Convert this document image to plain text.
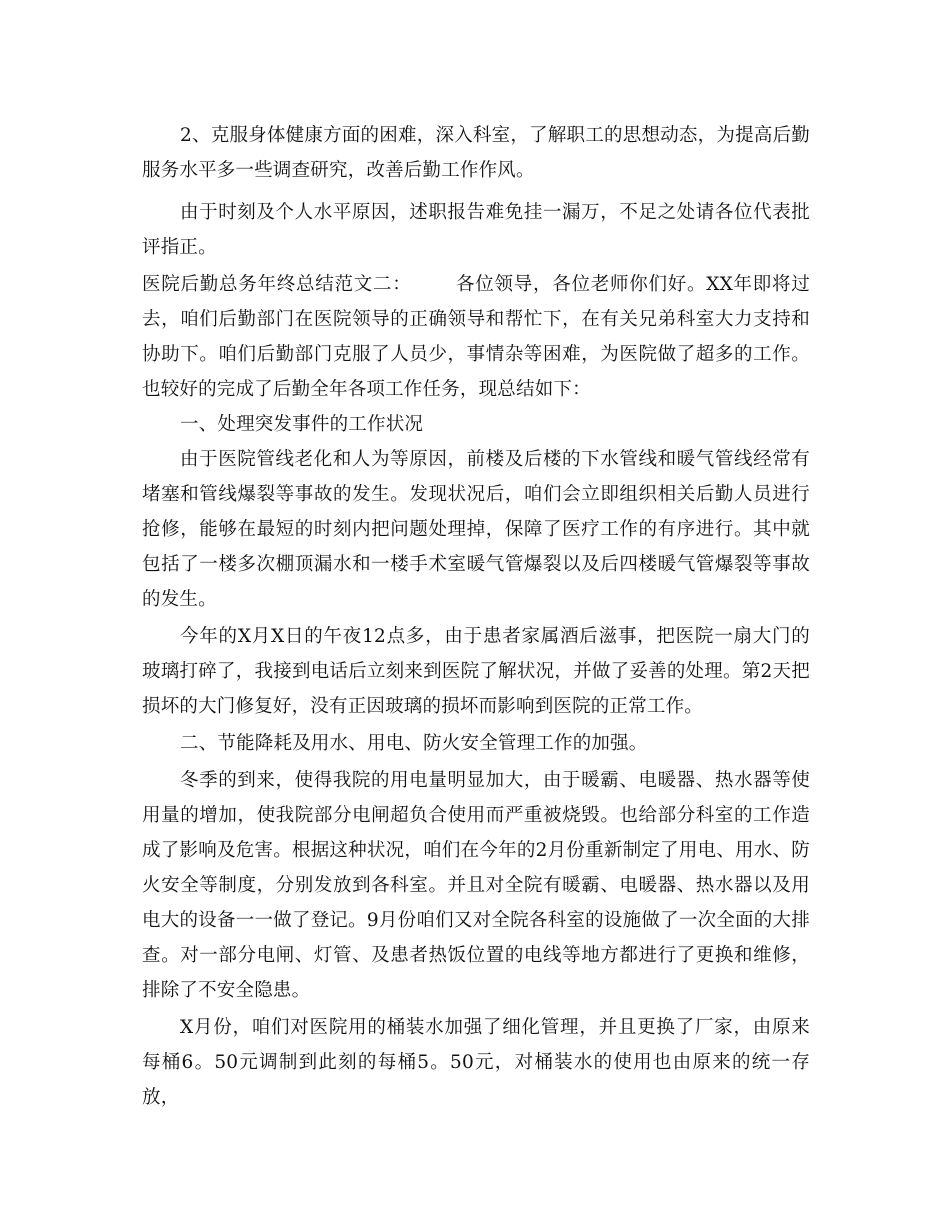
2、克服身体健康方面的困难，深入科室，了解职工的思想动态，为提高后勤服务水平多一些调查研究，改善后勤工作作风。

由于时刻及个人水平原因，述职报告难免挂一漏万，不足之处请各位代表批评指正。

医院后勤总务年终总结范文二： 各位领导，各位老师你们好。XX年即将过去，咱们后勤部门在医院领导的正确领导和帮忙下，在有关兄弟科室大力支持和协助下。咱们后勤部门克服了人员少，事情杂等困难，为医院做了超多的工作。也较好的完成了后勤全年各项工作任务，现总结如下：

一、处理突发事件的工作状况

由于医院管线老化和人为等原因，前楼及后楼的下水管线和暖气管线经常有堵塞和管线爆裂等事故的发生。发现状况后，咱们会立即组织相关后勤人员进行抢修，能够在最短的时刻内把问题处理掉，保障了医疗工作的有序进行。其中就包括了一楼多次棚顶漏水和一楼手术室暖气管爆裂以及后四楼暖气管爆裂等事故的发生。

今年的X月X日的午夜12点多，由于患者家属酒后滋事，把医院一扇大门的玻璃打碎了，我接到电话后立刻来到医院了解状况，并做了妥善的处理。第2天把损坏的大门修复好，没有正因玻璃的损坏而影响到医院的正常工作。

二、节能降耗及用水、用电、防火安全管理工作的加强。

冬季的到来，使得我院的用电量明显加大，由于暖霸、电暖器、热水器等使用量的增加，使我院部分电闸超负合使用而严重被烧毁。也给部分科室的工作造成了影响及危害。根据这种状况，咱们在今年的2月份重新制定了用电、用水、防火安全等制度，分别发放到各科室。并且对全院有暖霸、电暖器、热水器以及用电大的设备一一做了登记。9月份咱们又对全院各科室的设施做了一次全面的大排查。对一部分电闸、灯管、及患者热饭位置的电线等地方都进行了更换和维修，排除了不安全隐患。

X月份，咱们对医院用的桶装水加强了细化管理，并且更换了厂家，由原来每桶6。50元调制到此刻的每桶5。50元，对桶装水的使用也由原来的统一存放，
